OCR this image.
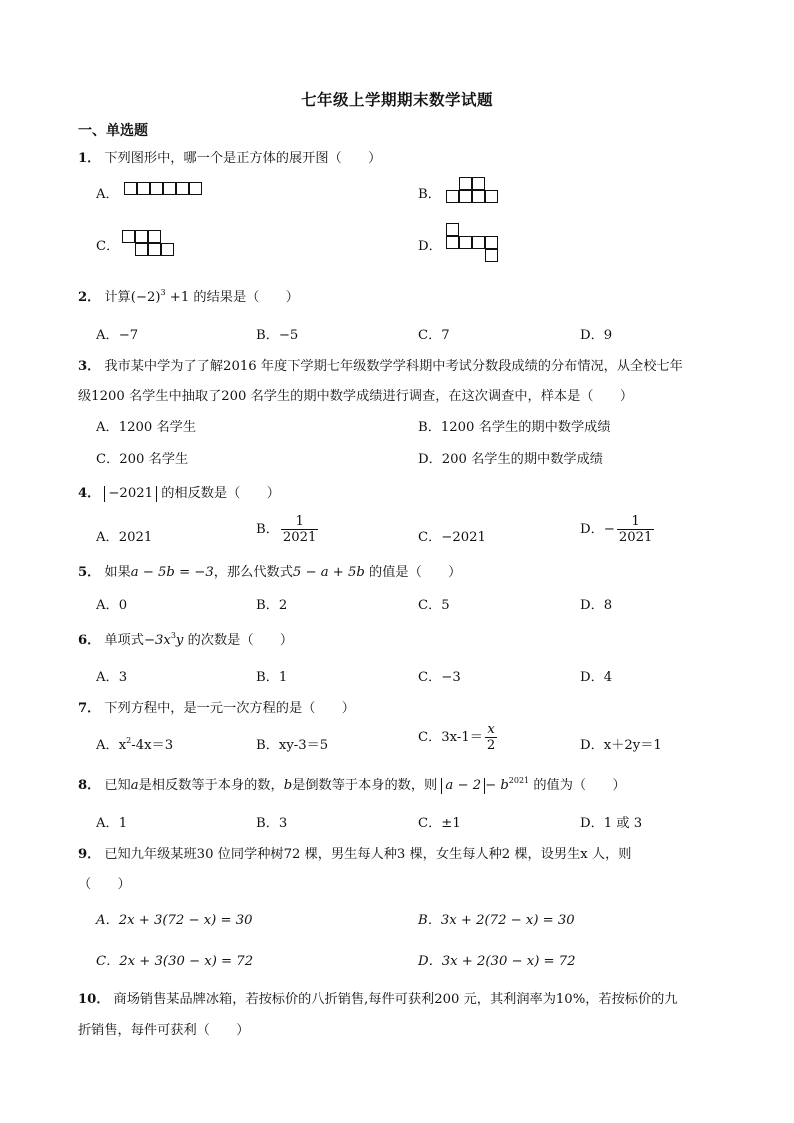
七年级上学期期末数学试题
一、单选题
1． 下列图形中，哪一个是正方体的展开图（　　）
A．	B．
C．	D．
2． 计算$(-2)^3 +1$ 的结果是（　　）
A．−7	B．−5	C．7	D．9
3． 我市某中学为了了解2016 年度下学期七年级数学学科期中考试分数段成绩的分布情况，从全校七年
级1200 名学生中抽取了200 名学生的期中数学成绩进行调查，在这次调查中，样本是（　　）
A．1200 名学生	B．1200 名学生的期中数学成绩
C．200 名学生	D．200 名学生的期中数学成绩
4． −2021 的相反数是（　　）
A．2021
B． $\frac{1}{2021}$	C．−2021
D．− $\frac{1}{2021}$
5． 如果a − 5b = −3，那么代数式5 − a + 5b 的值是（　　）
A．0	B．2	C．5	D．8
6． 单项式$-3x^3y$ 的次数是（　　）
A．3	B．1	C．−3	D．4
7． 下列方程中，是一元一次方程的是（　　）
A．$x^2-4x=3$	B．xy-3＝5
C．$3x-1= \frac{x}{2}$	D．x＋2y＝1
8． 已知a是相反数等于本身的数，b是倒数等于本身的数，则 $a - 2 - b^{2021}$ 的值为（　　）
A．1	B．3	C．±1	D．1 或 3
9． 已知九年级某班30 位同学种树72 棵，男生每人种3 棵，女生每人种2 棵，设男生x 人，则
（　　）
A．2x + 3(72 − x) = 30	B．3x + 2(72 − x) = 30
C．2x + 3(30 − x) = 72	D．3x + 2(30 − x) = 72
10． 商场销售某品牌冰箱，若按标价的八折销售,每件可获利200 元，其利润率为10%，若按标价的九
折销售，每件可获利（　　）
